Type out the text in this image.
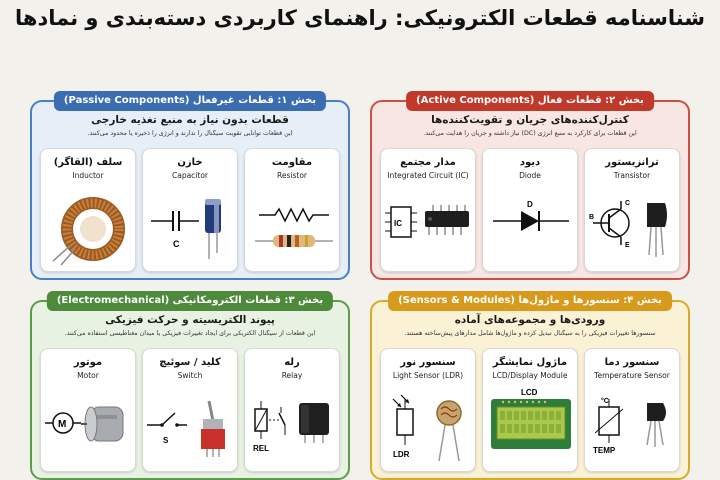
شناسنامه قطعات الکترونیکی: راهنمای کاربردی دسته‌بندی و نمادها
بخش ۱: قطعات غیرفعال (Passive Components)
قطعات بدون نیاز به منبع تغذیه خارجی
این قطعات توانایی تقویت سیگنال را ندارند و انرژی را ذخیره یا محدود می‌کنند.
سلف (القاگر)
Inductor
خازن
Capacitor
C
مقاومت
Resistor
بخش ۲: قطعات فعال (Active Components)
کنترل‌کننده‌های جریان و تقویت‌کننده‌ها
این قطعات برای کارکرد به منبع انرژی (DC) نیاز داشته و جریان را هدایت می‌کنند.
مدار مجتمع
Integrated Circuit (IC)
IC
دیود
Diode
D
ترانزیستور
Transistor
B
C
E
بخش ۳: قطعات الکترومکانیکی (Electromechanical)
پیوند الکتریسیته و حرکت فیزیکی
این قطعات از سیگنال الکتریکی برای ایجاد تغییرات فیزیکی یا میدان مغناطیسی استفاده می‌کنند.
موتور
Motor
M
کلید / سوئیچ
Switch
S
رله
Relay
REL
بخش ۴: سنسورها و ماژول‌ها (Sensors & Modules)
ورودی‌ها و مجموعه‌های آماده
سنسورها تغییرات فیزیکی را به سیگنال تبدیل کرده و ماژول‌ها شامل مدارهای پیش‌ساخته هستند.
سنسور نور
Light Sensor (LDR)
LDR
ماژول نمایشگر
LCD/Display Module
LCD
سنسور دما
Temperature Sensor
°C
TEMP
